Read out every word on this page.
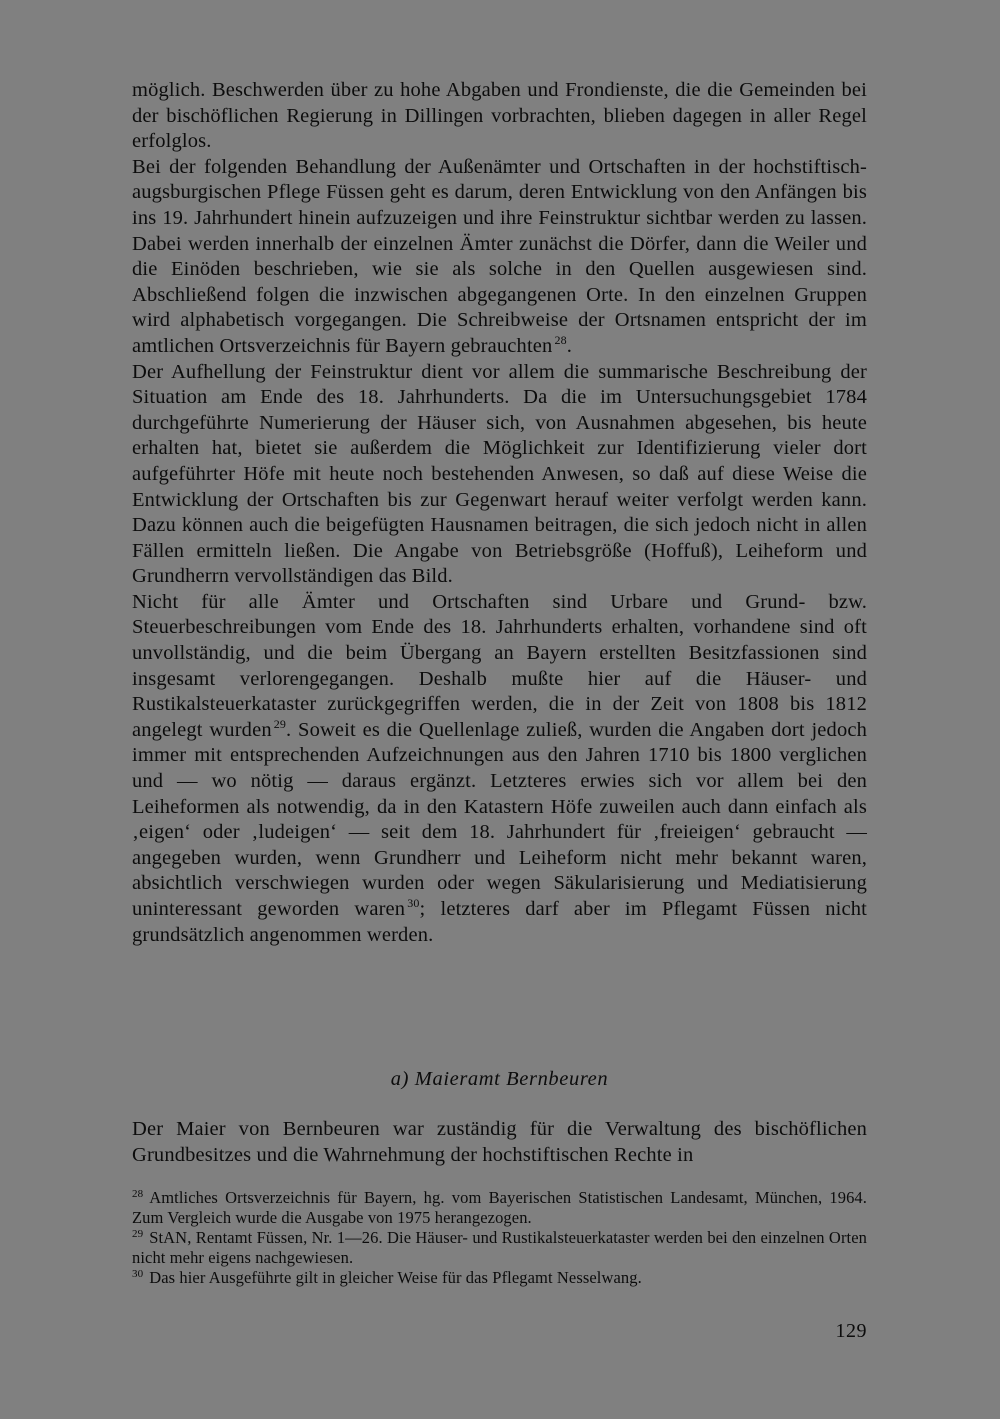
möglich. Beschwerden über zu hohe Abgaben und Frondienste, die die Gemeinden bei der bischöflichen Regierung in Dillingen vorbrachten, blieben dagegen in aller Regel erfolglos.

Bei der folgenden Behandlung der Außenämter und Ortschaften in der hochstiftisch-augsburgischen Pflege Füssen geht es darum, deren Entwicklung von den Anfängen bis ins 19. Jahrhundert hinein aufzuzeigen und ihre Feinstruktur sichtbar werden zu lassen. Dabei werden innerhalb der einzelnen Ämter zunächst die Dörfer, dann die Weiler und die Einöden beschrieben, wie sie als solche in den Quellen ausgewiesen sind. Abschließend folgen die inzwischen abgegangenen Orte. In den einzelnen Gruppen wird alphabetisch vorgegangen. Die Schreibweise der Ortsnamen entspricht der im amtlichen Ortsverzeichnis für Bayern gebrauchten $^{28}$.

Der Aufhellung der Feinstruktur dient vor allem die summarische Beschreibung der Situation am Ende des 18. Jahrhunderts. Da die im Untersuchungsgebiet 1784 durchgeführte Numerierung der Häuser sich, von Ausnahmen abgesehen, bis heute erhalten hat, bietet sie außerdem die Möglichkeit zur Identifizierung vieler dort aufgeführter Höfe mit heute noch bestehenden Anwesen, so daß auf diese Weise die Entwicklung der Ortschaften bis zur Gegenwart herauf weiter verfolgt werden kann. Dazu können auch die beigefügten Hausnamen beitragen, die sich jedoch nicht in allen Fällen ermitteln ließen. Die Angabe von Betriebsgröße (Hoffuß), Leiheform und Grundherrn vervollständigen das Bild.

Nicht für alle Ämter und Ortschaften sind Urbare und Grund- bzw. Steuerbeschreibungen vom Ende des 18. Jahrhunderts erhalten, vorhandene sind oft unvollständig, und die beim Übergang an Bayern erstellten Besitzfassionen sind insgesamt verlorengegangen. Deshalb mußte hier auf die Häuser- und Rustikalsteuerkataster zurückgegriffen werden, die in der Zeit von 1808 bis 1812 angelegt wurden $^{29}$. Soweit es die Quellenlage zuließ, wurden die Angaben dort jedoch immer mit entsprechenden Aufzeichnungen aus den Jahren 1710 bis 1800 verglichen und — wo nötig — daraus ergänzt. Letzteres erwies sich vor allem bei den Leiheformen als notwendig, da in den Katastern Höfe zuweilen auch dann einfach als ‚eigen‘ oder ‚ludeigen‘ — seit dem 18. Jahrhundert für ‚freieigen‘ gebraucht — angegeben wurden, wenn Grundherr und Leiheform nicht mehr bekannt waren, absichtlich verschwiegen wurden oder wegen Säkularisierung und Mediatisierung uninteressant geworden waren $^{30}$; letzteres darf aber im Pflegamt Füssen nicht grundsätzlich angenommen werden.

a) Maieramt Bernbeuren

Der Maier von Bernbeuren war zuständig für die Verwaltung des bischöflichen Grundbesitzes und die Wahrnehmung der hochstiftischen Rechte in

$^{28}$ Amtliches Ortsverzeichnis für Bayern, hg. vom Bayerischen Statistischen Landesamt, München, 1964. Zum Vergleich wurde die Ausgabe von 1975 herangezogen.

$^{29}$ StAN, Rentamt Füssen, Nr. 1—26. Die Häuser- und Rustikalsteuerkataster werden bei den einzelnen Orten nicht mehr eigens nachgewiesen.

$^{30}$ Das hier Ausgeführte gilt in gleicher Weise für das Pflegamt Nesselwang.

129
